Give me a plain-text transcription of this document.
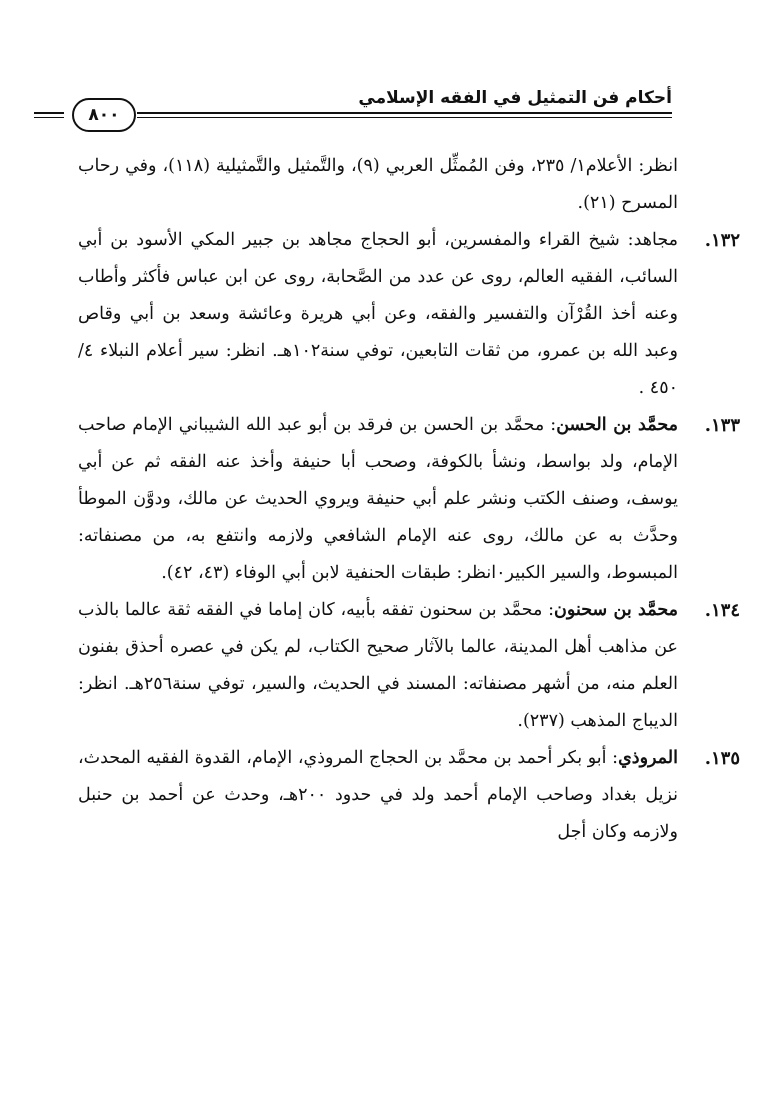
أحكام فن التمثيل في الفقه الإسلامي
٨٠٠

انظر: الأعلام١/ ٢٣٥، وفن المُمثِّل العربي (٩)، والتَّمثيل والتَّمثيلية (١١٨)، وفي رحاب المسرح (٢١).

١٣٢.

مجاهد: شيخ القراء والمفسرين، أبو الحجاج مجاهد بن جبير المكي الأسود بن أبي السائب، الفقيه العالم، روى عن عدد من الصَّحابة، روى عن ابن عباس فأكثر وأطاب وعنه أخذ القُرْآن والتفسير والفقه، وعن أبي هريرة وعائشة وسعد بن أبي وقاص وعبد الله بن عمرو، من ثقات التابعين، توفي سنة١٠٢هـ. انظر: سير أعلام النبلاء ٤/ ٤٥٠ .

١٣٣.

محمَّد بن الحسن: محمَّد بن الحسن بن فرقد بن أبو عبد الله الشيباني الإمام صاحب الإمام، ولد بواسط، ونشأ بالكوفة، وصحب أبا حنيفة وأخذ عنه الفقه ثم عن أبي يوسف، وصنف الكتب ونشر علم أبي حنيفة ويروي الحديث عن مالك، ودوَّن الموطأ وحدَّث به عن مالك، روى عنه الإمام الشافعي ولازمه وانتفع به، من مصنفاته: المبسوط، والسير الكبير٠انظر: طبقات الحنفية لابن أبي الوفاء (٤٣، ٤٢).

١٣٤.

محمَّد بن سحنون: محمَّد بن سحنون تفقه بأبيه، كان إماما في الفقه ثقة عالما بالذب عن مذاهب أهل المدينة، عالما بالآثار صحيح الكتاب، لم يكن في عصره أحذق بفنون العلم منه، من أشهر مصنفاته: المسند في الحديث، والسير، توفي سنة٢٥٦هـ. انظر: الديباج المذهب (٢٣٧).

١٣٥.

المروذي: أبو بكر أحمد بن محمَّد بن الحجاج المروذي، الإمام، القدوة الفقيه المحدث، نزيل بغداد وصاحب الإمام أحمد ولد في حدود ٢٠٠هـ، وحدث عن أحمد بن حنبل ولازمه وكان أجل
